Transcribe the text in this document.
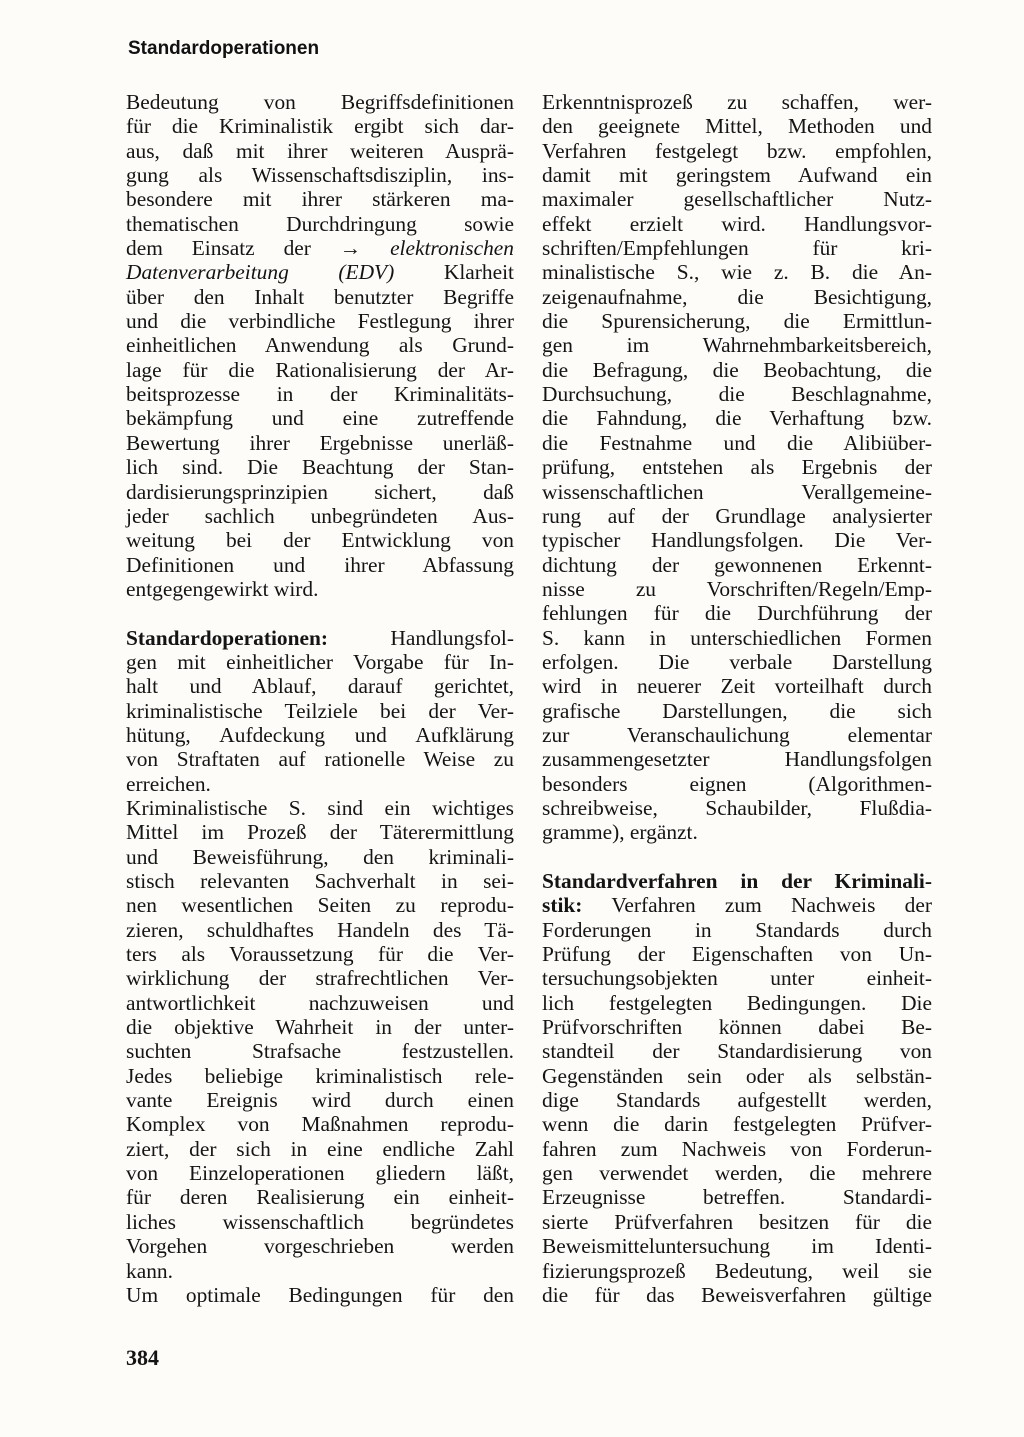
Standardoperationen
Bedeutung von Begriffsdefinitionen
für die Kriminalistik ergibt sich dar-
aus, daß mit ihrer weiteren Ausprä-
gung als Wissenschaftsdisziplin, ins-
besondere mit ihrer stärkeren ma-
thematischen Durchdringung sowie
dem Einsatz der → elektronischen
Datenverarbeitung (EDV) Klarheit
über den Inhalt benutzter Begriffe
und die verbindliche Festlegung ihrer
einheitlichen Anwendung als Grund-
lage für die Rationalisierung der Ar-
beitsprozesse in der Kriminalitäts-
bekämpfung und eine zutreffende
Bewertung ihrer Ergebnisse unerläß-
lich sind. Die Beachtung der Stan-
dardisierungsprinzipien sichert, daß
jeder sachlich unbegründeten Aus-
weitung bei der Entwicklung von
Definitionen und ihrer Abfassung
entgegengewirkt wird.
Standardoperationen: Handlungsfol-
gen mit einheitlicher Vorgabe für In-
halt und Ablauf, darauf gerichtet,
kriminalistische Teilziele bei der Ver-
hütung, Aufdeckung und Aufklärung
von Straftaten auf rationelle Weise zu
erreichen.
Kriminalistische S. sind ein wichtiges
Mittel im Prozeß der Täterermittlung
und Beweisführung, den kriminali-
stisch relevanten Sachverhalt in sei-
nen wesentlichen Seiten zu reprodu-
zieren, schuldhaftes Handeln des Tä-
ters als Voraussetzung für die Ver-
wirklichung der strafrechtlichen Ver-
antwortlichkeit nachzuweisen und
die objektive Wahrheit in der unter-
suchten Strafsache festzustellen.
Jedes beliebige kriminalistisch rele-
vante Ereignis wird durch einen
Komplex von Maßnahmen reprodu-
ziert, der sich in eine endliche Zahl
von Einzeloperationen gliedern läßt,
für deren Realisierung ein einheit-
liches wissenschaftlich begründetes
Vorgehen vorgeschrieben werden
kann.
Um optimale Bedingungen für den
Erkenntnisprozeß zu schaffen, wer-
den geeignete Mittel, Methoden und
Verfahren festgelegt bzw. empfohlen,
damit mit geringstem Aufwand ein
maximaler gesellschaftlicher Nutz-
effekt erzielt wird. Handlungsvor-
schriften/Empfehlungen für kri-
minalistische S., wie z. B. die An-
zeigenaufnahme, die Besichtigung,
die Spurensicherung, die Ermittlun-
gen im Wahrnehmbarkeitsbereich,
die Befragung, die Beobachtung, die
Durchsuchung, die Beschlagnahme,
die Fahndung, die Verhaftung bzw.
die Festnahme und die Alibiüber-
prüfung, entstehen als Ergebnis der
wissenschaftlichen Verallgemeine-
rung auf der Grundlage analysierter
typischer Handlungsfolgen. Die Ver-
dichtung der gewonnenen Erkennt-
nisse zu Vorschriften/Regeln/Emp-
fehlungen für die Durchführung der
S. kann in unterschiedlichen Formen
erfolgen. Die verbale Darstellung
wird in neuerer Zeit vorteilhaft durch
grafische Darstellungen, die sich
zur Veranschaulichung elementar
zusammengesetzter Handlungsfolgen
besonders eignen (Algorithmen-
schreibweise, Schaubilder, Flußdia-
gramme), ergänzt.
Standardverfahren in der Kriminali-
stik: Verfahren zum Nachweis der
Forderungen in Standards durch
Prüfung der Eigenschaften von Un-
tersuchungsobjekten unter einheit-
lich festgelegten Bedingungen. Die
Prüfvorschriften können dabei Be-
standteil der Standardisierung von
Gegenständen sein oder als selbstän-
dige Standards aufgestellt werden,
wenn die darin festgelegten Prüfver-
fahren zum Nachweis von Forderun-
gen verwendet werden, die mehrere
Erzeugnisse betreffen. Standardi-
sierte Prüfverfahren besitzen für die
Beweismitteluntersuchung im Identi-
fizierungsprozeß Bedeutung, weil sie
die für das Beweisverfahren gültige
384
